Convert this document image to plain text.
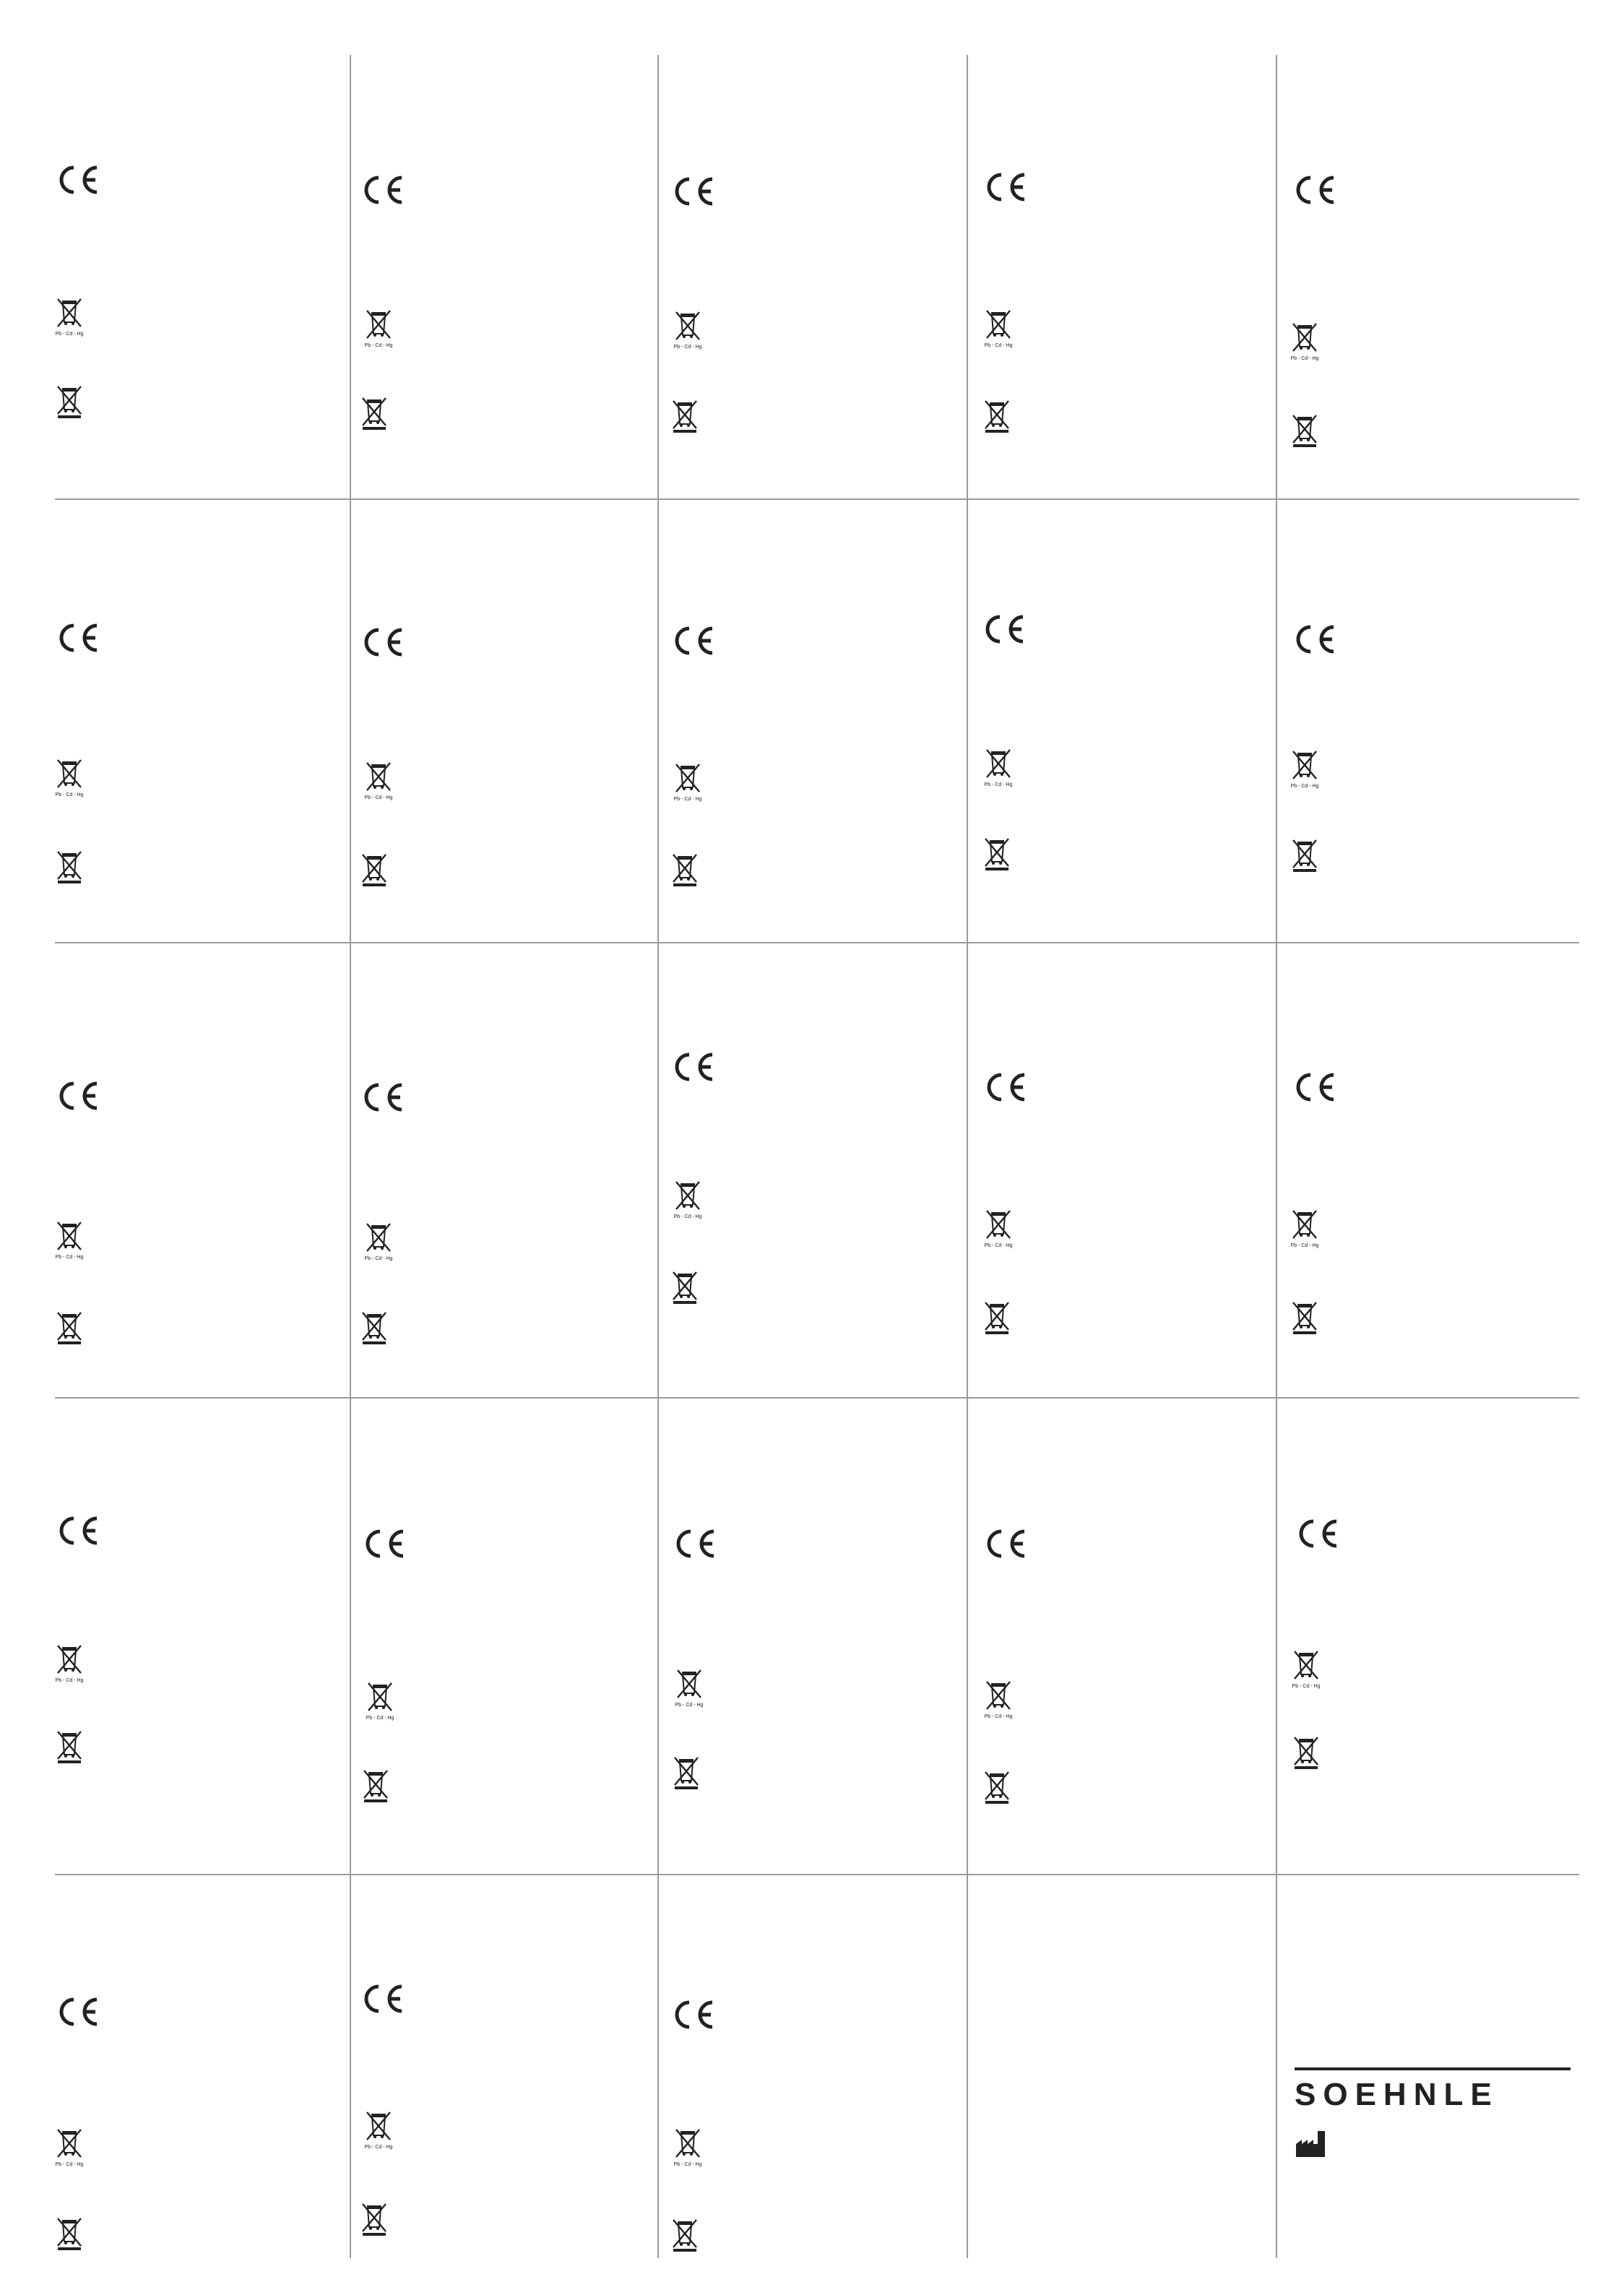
Pb - Cd - Hg
Pb - Cd - Hg	Pb - Cd - Hg	Pb - Cd - Hg
Pb - Cd - Hg
Pb - Cd - Hg
Pb - Cd - Hg	Pb - Cd - Hg
Pb - Cd - Hg	Pb - Cd - Hg
Pb - Cd - Hg	Pb - Cd - Hg
Pb - Cd - Hg
Pb - Cd - Hg	Pb - Cd - Hg
Pb - Cd - Hg
Pb - Cd - Hg
Pb - Cd - Hg
Pb - Cd - Hg
Pb - Cd - Hg
Pb - Cd - Hg
Pb - Cd - Hg
Pb - Cd - Hg
SOEHNLE
